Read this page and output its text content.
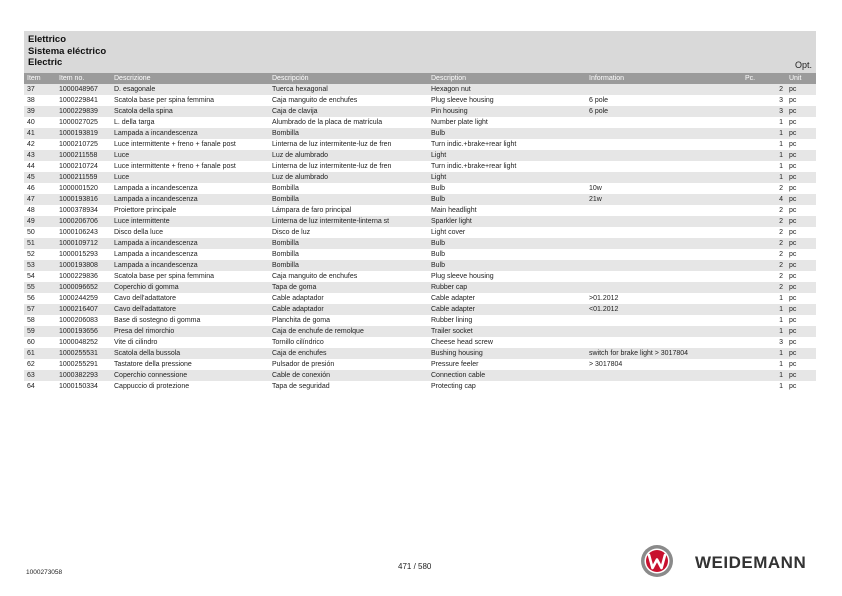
Elettrico
Sistema eléctrico
Electric	Opt.
Item	Item no.	Descrizione	Descripción	Description	Information	Pc.	Unit
37	1000048967	D. esagonale	Tuerca hexagonal	Hexagon nut		2	pc
38	1000229841	Scatola base per spina femmina	Caja manguito de enchufes	Plug sleeve housing	6 pole	3	pc
39	1000229839	Scatola della spina	Caja de clavija	Pin housing	6 pole	3	pc
40	1000027025	L. della targa	Alumbrado de la placa de matrícula	Number plate light		1	pc
41	1000193819	Lampada a incandescenza	Bombilla	Bulb		1	pc
42	1000210725	Luce intermittente + freno + fanale post	Linterna de luz intermitente-luz de fren	Turn indic.+brake+rear light		1	pc
43	1000211558	Luce	Luz de alumbrado	Light		1	pc
44	1000210724	Luce intermittente + freno + fanale post	Linterna de luz intermitente-luz de fren	Turn indic.+brake+rear light		1	pc
45	1000211559	Luce	Luz de alumbrado	Light		1	pc
46	1000001520	Lampada a incandescenza	Bombilla	Bulb	10w	2	pc
47	1000193816	Lampada a incandescenza	Bombilla	Bulb	21w	4	pc
48	1000378934	Proiettore principale	Lámpara de faro principal	Main headlight		2	pc
49	1000206706	Luce intermittente	Linterna de luz intermitente-linterna st	Sparkler light		2	pc
50	1000106243	Disco della luce	Disco de luz	Light cover		2	pc
51	1000109712	Lampada a incandescenza	Bombilla	Bulb		2	pc
52	1000015293	Lampada a incandescenza	Bombilla	Bulb		2	pc
53	1000193808	Lampada a incandescenza	Bombilla	Bulb		2	pc
54	1000229836	Scatola base per spina femmina	Caja manguito de enchufes	Plug sleeve housing		2	pc
55	1000096652	Coperchio di gomma	Tapa de goma	Rubber cap		2	pc
56	1000244259	Cavo dell'adattatore	Cable adaptador	Cable adapter	>01.2012	1	pc
57	1000216407	Cavo dell'adattatore	Cable adaptador	Cable adapter	<01.2012	1	pc
58	1000206083	Base di sostegno di gomma	Planchita de goma	Rubber lining		1	pc
59	1000193656	Presa del rimorchio	Caja de enchufe de remolque	Trailer socket		1	pc
60	1000048252	Vite di cilindro	Tornillo cilíndrico	Cheese head screw		3	pc
61	1000255531	Scatola della bussola	Caja de enchufes	Bushing housing	switch for brake light > 3017804	1	pc
62	1000255291	Tastatore della pressione	Pulsador de presión	Pressure feeler	> 3017804	1	pc
63	1000382293	Coperchio connessione	Cable de conexión	Connection cable		1	pc
64	1000150334	Cappuccio di protezione	Tapa de seguridad	Protecting cap		1	pc
1000273058
471 / 580	WEIDEMANN
